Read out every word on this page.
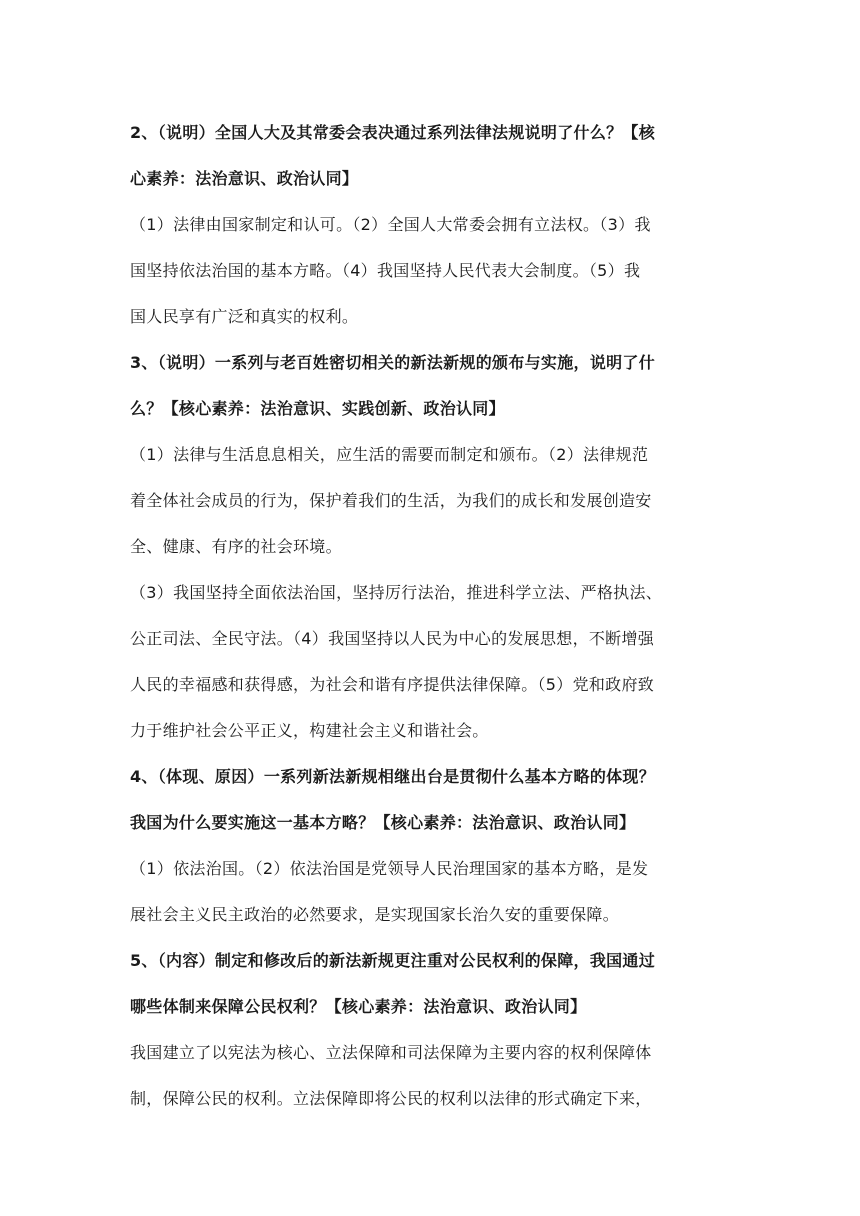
2、（说明）全国人大及其常委会表决通过系列法律法规说明了什么？【核
心素养：法治意识、政治认同】
（1）法律由国家制定和认可。（2）全国人大常委会拥有立法权。（3）我
国坚持依法治国的基本方略。（4）我国坚持人民代表大会制度。（5）我
国人民享有广泛和真实的权利。
3、（说明）一系列与老百姓密切相关的新法新规的颁布与实施，说明了什
么？【核心素养：法治意识、实践创新、政治认同】
（1）法律与生活息息相关，应生活的需要而制定和颁布。（2）法律规范
着全体社会成员的行为，保护着我们的生活，为我们的成长和发展创造安
全、健康、有序的社会环境。
（3）我国坚持全面依法治国，坚持厉行法治，推进科学立法、严格执法、
公正司法、全民守法。（4）我国坚持以人民为中心的发展思想，不断增强
人民的幸福感和获得感，为社会和谐有序提供法律保障。（5）党和政府致
力于维护社会公平正义，构建社会主义和谐社会。
4、（体现、原因）一系列新法新规相继出台是贯彻什么基本方略的体现？
我国为什么要实施这一基本方略？【核心素养：法治意识、政治认同】
（1）依法治国。（2）依法治国是党领导人民治理国家的基本方略，是发
展社会主义民主政治的必然要求，是实现国家长治久安的重要保障。
5、（内容）制定和修改后的新法新规更注重对公民权利的保障，我国通过
哪些体制来保障公民权利？【核心素养：法治意识、政治认同】
我国建立了以宪法为核心、立法保障和司法保障为主要内容的权利保障体
制，保障公民的权利。立法保障即将公民的权利以法律的形式确定下来，
